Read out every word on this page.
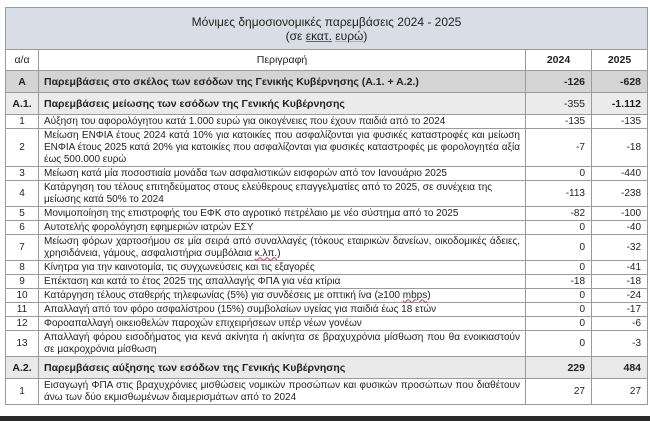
Μόνιμες δημοσιονομικές παρεμβάσεις 2024 - 2025
(σε εκατ. ευρώ)			

α/α	Περιγραφή	2024	2025
Α	Παρεμβάσεις στο σκέλος των εσόδων της Γενικής Κυβέρνησης (Α.1. + Α.2.)	-126	-628
Α.1.	Παρεμβάσεις μείωσης των εσόδων της Γενικής Κυβέρνησης	-355	-1.112
1	Αύξηση του αφορολόγητου κατά 1.000 ευρώ για οικογένειες που έχουν παιδιά από το 2024	-135	-135
2	Μείωση ΕΝΦΙΑ έτους 2024 κατά 10% για κατοικίες που ασφαλίζονται για φυσικές καταστροφές και μείωση ΕΝΦΙΑ έτους 2025 κατά 20% για κατοικίες που ασφαλίζονται για φυσικές καταστροφές με φορολογητέα αξία έως 500.000 ευρώ	-7	-18
3	Μείωση κατά μία ποσοστιαία μονάδα των ασφαλιστικών εισφορών από τον Ιανουάριο 2025	0	-440
4	Κατάργηση του τέλους επιτηδεύματος στους ελεύθερους επαγγελματίες από το 2025, σε συνέχεια της μείωσης κατά 50% το 2024	-113	-238
5	Μονιμοποίηση της επιστροφής του ΕΦΚ στο αγροτικό πετρέλαιο με νέο σύστημα από το 2025	-82	-100
6	Αυτοτελής φορολόγηση εφημεριών ιατρών ΕΣΥ	0	-40
7	Μείωση φόρων χαρτοσήμου σε μία σειρά από συναλλαγές (τόκους εταιρικών δανείων, οικοδομικές άδειες, χρησιδάνεια, γάμους, ασφαλιστήρια συμβόλαια κ.λπ.)	0	-32
8	Κίνητρα για την καινοτομία, τις συγχωνεύσεις και τις εξαγορές	0	-41
9	Επέκταση και κατά το έτος 2025 της απαλλαγής ΦΠΑ για νέα κτίρια	-18	-18
10	Κατάργηση τέλους σταθερής τηλεφωνίας (5%) για συνδέσεις με οπτική ίνα (≥100 mbps)	0	-24
11	Απαλλαγή από τον φόρο ασφαλίστρου (15%) συμβολαίων υγείας για παιδιά έως 18 ετών	0	-17
12	Φοροαπαλλαγή οικειοθελών παροχών επιχειρήσεων υπέρ νέων γονέων	0	-6
13	Απαλλαγή φόρου εισοδήματος για κενά ακίνητα ή ακίνητα σε βραχυχρόνια μίσθωση που θα ενοικιαστούν σε μακροχρόνια μίσθωση	0	-3
Α.2.	Παρεμβάσεις αύξησης των εσόδων της Γενικής Κυβέρνησης	229	484
1	Εισαγωγή ΦΠΑ στις βραχυχρόνιες μισθώσεις νομικών προσώπων και φυσικών προσώπων που διαθέτουν άνω των δύο εκμισθωμένων διαμερισμάτων από το 2024	27	27
